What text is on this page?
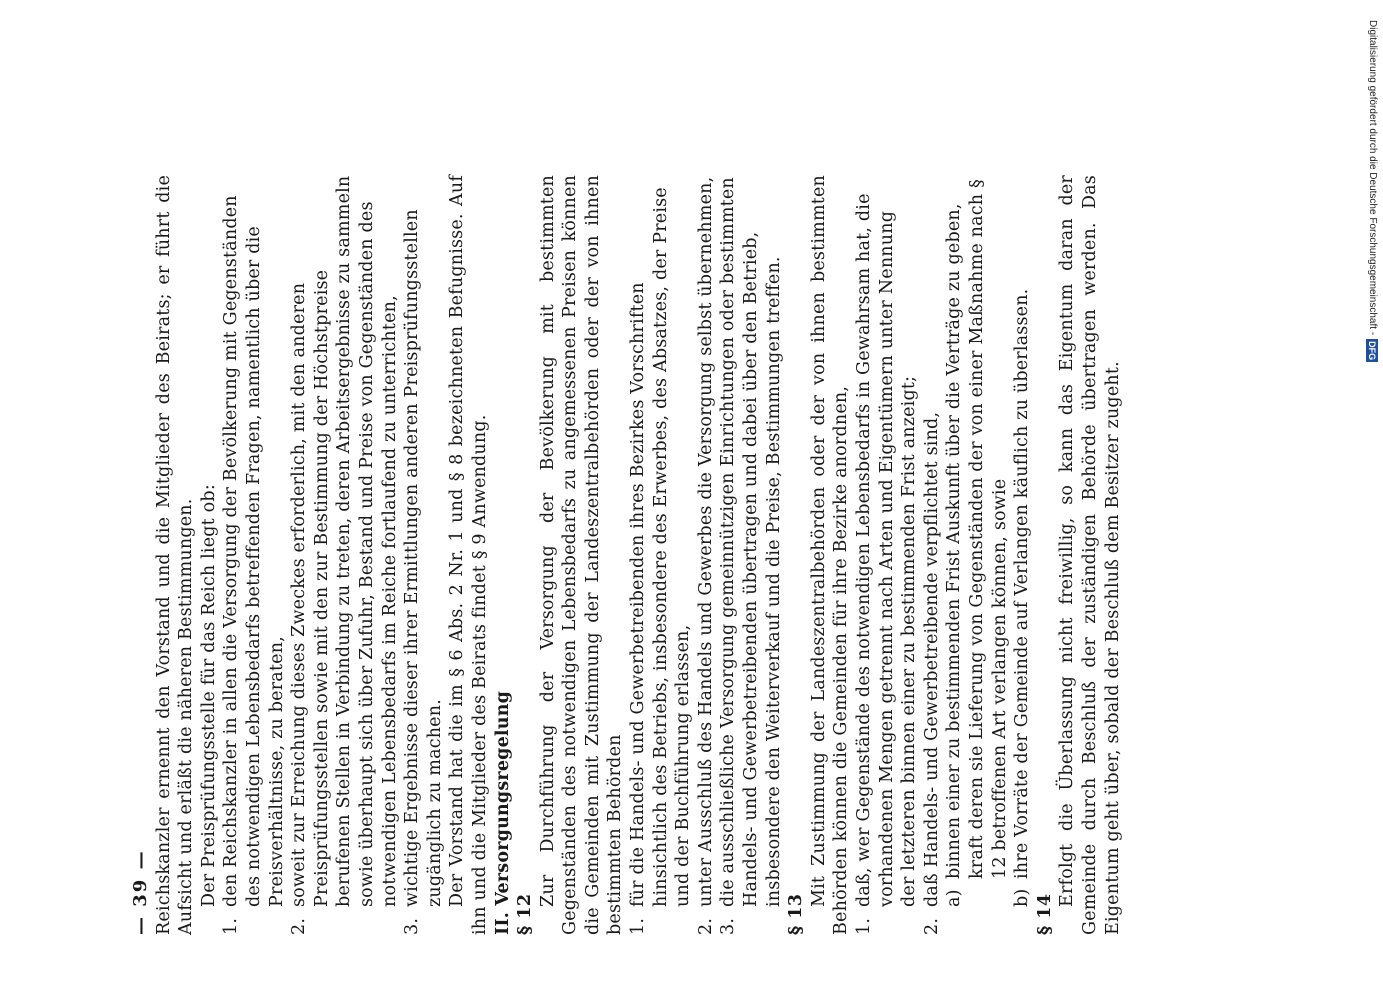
— 39 — Reichskanzler ernennt den Vorstand und die Mitglieder des Beirats; er führt die Aufsicht und erläßt die näheren Bestimmungen. Der Preisprüfungsstelle für das Reich liegt ob:

1.
den Reichskanzler in allen die Versorgung der Bevölkerung mit Gegenständen des notwendigen Lebensbedarfs betreffenden Fragen, namentlich über die Preisverhältnisse, zu beraten,
2.
soweit zur Erreichung dieses Zweckes erforderlich, mit den anderen Preisprüfungsstellen sowie mit den zur Bestimmung der Höchstpreise berufenen Stellen in Verbindung zu treten, deren Arbeitsergebnisse zu sammeln sowie überhaupt sich über Zufuhr, Bestand und Preise von Gegenständen des notwendigen Lebensbedarfs im Reiche fortlaufend zu unterrichten,
3.
wichtige Ergebnisse dieser ihrer Ermittlungen anderen Preisprüfungsstellen zugänglich zu machen. Der Vorstand hat die im § 6 Abs. 2 Nr. 1 und § 8 bezeichneten Befugnisse. Auf ihn und die Mitglieder des Beirats findet § 9 Anwendung. II. Versorgungsregelung § 12

Zur Durchführung der Versorgung der Bevölkerung mit bestimmten Gegenständen des notwendigen Lebensbedarfs zu angemessenen Preisen können die Gemeinden mit Zustimmung der Landeszentralbehörden oder der von ihnen bestimmten Behörden 1.
für die Handels- und Gewerbetreibenden ihres Bezirkes Vorschriften hinsichtlich des Betriebs, insbesondere des Erwerbes, des Absatzes, der Preise und der Buchführung erlassen,
2.
unter Ausschluß des Handels und Gewerbes die Versorgung selbst übernehmen,
3.
die ausschließliche Versorgung gemeinnützigen Einrichtungen oder bestimmten Handels- und Gewerbetreibenden übertragen und dabei über den Betrieb, insbesondere den Weiterverkauf und die Preise, Bestimmungen treffen.

§ 13

Mit Zustimmung der Landeszentralbehörden oder der von ihnen bestimmten Behörden können die Gemeinden für ihre Bezirke anordnen, 1.
daß, wer Gegenstände des notwendigen Lebensbedarfs in Gewahrsam hat, die vorhandenen Mengen getrennt nach Arten und Eigentümern unter Nennung der letzteren binnen einer zu bestimmenden Frist anzeigt;
2.
daß Handels- und Gewerbetreibende verpflichtet sind, a)
binnen einer zu bestimmenden Frist Auskunft über die Verträge zu geben, kraft deren sie Lieferung von Gegenständen der von einer Maßnahme nach § 12 betroffenen Art verlangen können, sowie
b)
ihre Vorräte der Gemeinde auf Verlangen käuflich zu überlassen.

§ 14

Erfolgt die Überlassung nicht freiwillig, so kann das Eigentum daran der Gemeinde durch Beschluß der zuständigen Behörde übertragen werden. Das Eigentum geht über, sobald der Beschluß dem Besitzer zugeht.

Digitalisierung gefördert durch die Deutsche Forschungsgemeinschaft -
DFG
